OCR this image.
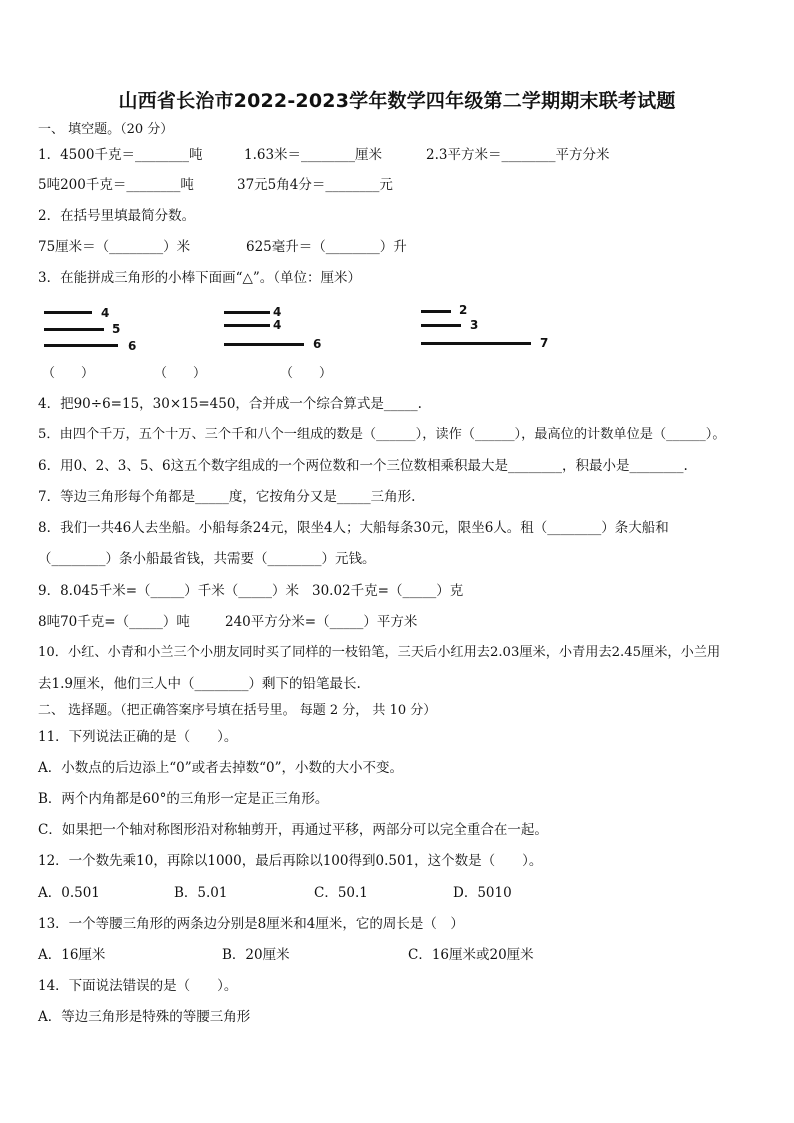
山西省长治市2022-2023学年数学四年级第二学期期末联考试题
一、 填空题。（20 分）
1．4500千克＝________吨	1.63米＝________厘米	2.3平方米＝________平方分米
5吨200千克＝________吨	37元5角4分＝________元
2．在括号里填最简分数。
75厘米＝（________）米	625毫升＝（________）升
3．在能拼成三角形的小棒下面画“△”。（单位：厘米）
4
5
6
4
4
6
2
3
7
（　　）	（　　）	（　　）
4．把90÷6=15，30×15=450，合并成一个综合算式是_____.
5．由四个千万，五个十万、三个千和八个一组成的数是（______），读作（______），最高位的计数单位是（______）。
6．用0、2、3、5、6这五个数字组成的一个两位数和一个三位数相乘积最大是________，积最小是________.
7．等边三角形每个角都是_____度，它按角分又是_____三角形.
8．我们一共46人去坐船。小船每条24元，限坐4人；大船每条30元，限坐6人。租（________）条大船和
（________）条小船最省钱，共需要（________）元钱。
9．8.045千米=（_____）千米（_____）米 30.02千克=（_____）克
8吨70千克=（_____）吨	240平方分米=（_____）平方米
10．小红、小青和小兰三个小朋友同时买了同样的一枝铅笔，三天后小红用去2.03厘米，小青用去2.45厘米，小兰用
去1.9厘米，他们三人中（________）剩下的铅笔最长.
二、 选择题。（把正确答案序号填在括号里。 每题 2 分， 共 10 分）
11．下列说法正确的是（　　）。
A．小数点的后边添上“0”或者去掉数“0”，小数的大小不变。
B．两个内角都是60°的三角形一定是正三角形。
C．如果把一个轴对称图形沿对称轴剪开，再通过平移，两部分可以完全重合在一起。
12．一个数先乘10，再除以1000，最后再除以100得到0.501，这个数是（　　）。
A．0.501	B．5.01	C．50.1	D．5010
13．一个等腰三角形的两条边分别是8厘米和4厘米，它的周长是（　）
A．16厘米	B．20厘米	C．16厘米或20厘米
14．下面说法错误的是（　　）。
A．等边三角形是特殊的等腰三角形
